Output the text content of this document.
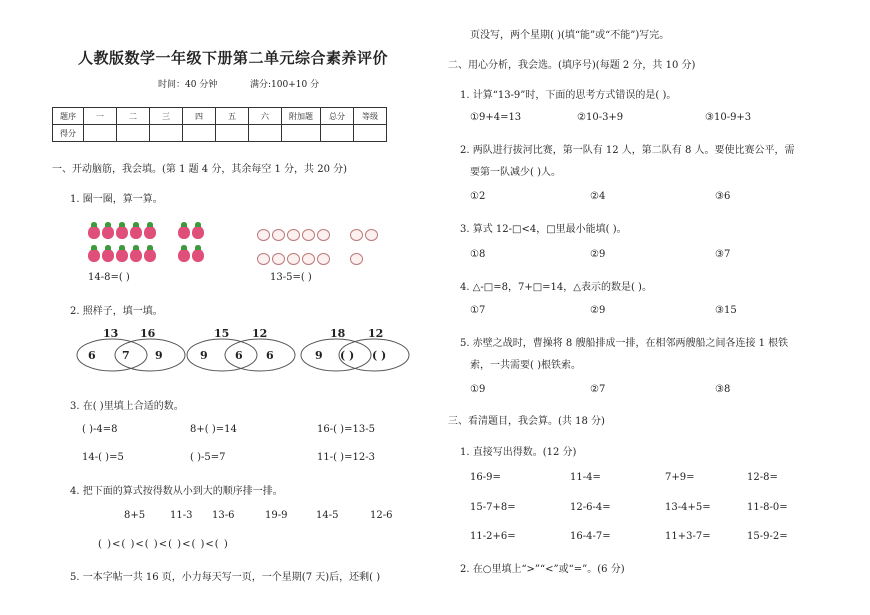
人教版数学一年级下册第二单元综合素养评价
时间：40 分钟	满分:100+10 分
题序	一	二	三	四	五	六	附加题	总分	等级
得分									
一、开动脑筋，我会填。(第 1 题 4 分，其余每空 1 分，共 20 分)
1. 圈一圈，算一算。

14-8=( )	13-5=( )
2. 照样子，填一填。
13 16
6 7 9
15 12
9 6 6
18 12
9 ( ) ( )
3. 在( )里填上合适的数。
( )-4=8	8+( )=14	16-( )=13-5
14-( )=5	( )-5=7	11-( )=12-3
4. 把下面的算式按得数从小到大的顺序排一排。
8+5 11-3 13-6	19-9	14-5	12-6
( )<( )<( )<( )<( )<( )
5. 一本字帖一共 16 页，小力每天写一页，一个星期(7 天)后，还剩( )
页没写，两个星期( )(填“能”或“不能”)写完。
二、用心分析，我会选。(填序号)(每题 2 分，共 10 分)
1. 计算“13-9”时，下面的思考方式错误的是( )。
①9+4=13	②10-3+9	③10-9+3
2. 两队进行拔河比赛，第一队有 12 人，第二队有 8 人。要使比赛公平，需
要第一队减少( )人。
①2	②4	③6
3. 算式 12-□<4，□里最小能填( )。
①8	②9	③7
4. △-□=8，7+□=14，△表示的数是( )。
①7	②9	③15
5. 赤壁之战时，曹操将 8 艘船排成一排，在相邻两艘船之间各连接 1 根铁
索，一共需要( )根铁索。
①9	②7	③8
三、看清题目，我会算。(共 18 分)
1. 直接写出得数。(12 分)
16-9=	11-4=	7+9=	12-8=
15-7+8=	12-6-4=	13-4+5=	11-8-0=
11-2+6=	16-4-7=	11+3-7=	15-9-2=
2. 在○里填上“>”“<”或“=”。(6 分)
